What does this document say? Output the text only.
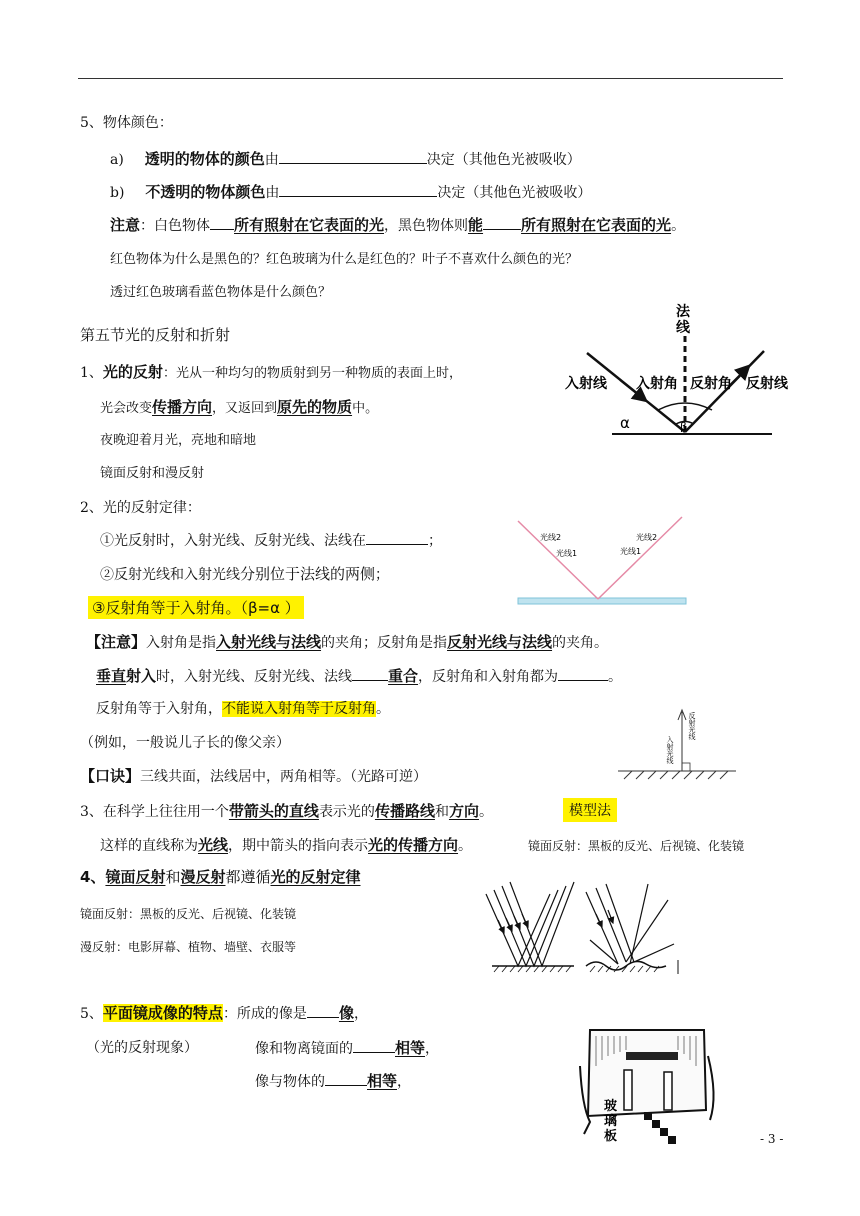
5、物体颜色：
a) 透明的物体的颜色由	决定（其他色光被吸收）
b) 不透明的物体颜色由	决定（其他色光被吸收）
注意：白色物体 所有照射在它表面的光，黑色物体则能	所有照射在它表面的光。
红色物体为什么是黑色的？红色玻璃为什么是红色的？叶子不喜欢什么颜色的光？
透过红色玻璃看蓝色物体是什么颜色？
第五节光的反射和折射
1、光的反射：光从一种均匀的物质射到另一种物质的表面上时，
光会改变传播方向，又返回到原先的物质中。
夜晚迎着月光，亮地和暗地
镜面反射和漫反射
法
线
入射线 入射角 反射角 反射线
α	β
2、光的反射定律：
①光反射时，入射光线、反射光线、法线在	；
②反射光线和入射光线分别位于法线的两侧；
③反射角等于入射角。（β=α ）
光线2
光线1
光线2
光线1
【注意】入射角是指入射光线与法线的夹角；反射角是指反射光线与法线的夹角。
垂直射入时，入射光线、反射光线、法线 重合，反射角和入射角都为	。
反射角等于入射角，不能说入射角等于反射角。
（例如，一般说儿子长的像父亲）
【口诀】三线共面，法线居中，两角相等。（光路可逆）
反射光线
入射光线
3、在科学上往往用一个带箭头的直线表示光的传播路线和方向。	模型法
这样的直线称为光线，期中箭头的指向表示光的传播方向。	镜面反射：黑板的反光、后视镜、化装镜
4、镜面反射和漫反射都遵循光的反射定律
镜面反射：黑板的反光、后视镜、化装镜
漫反射：电影屏幕、植物、墙壁、衣服等
5、平面镜成像的特点：所成的像是 像，
（光的反射现象）	像和物离镜面的	相等，
像与物体的	相等，
玻
璃
板	- 3 -
